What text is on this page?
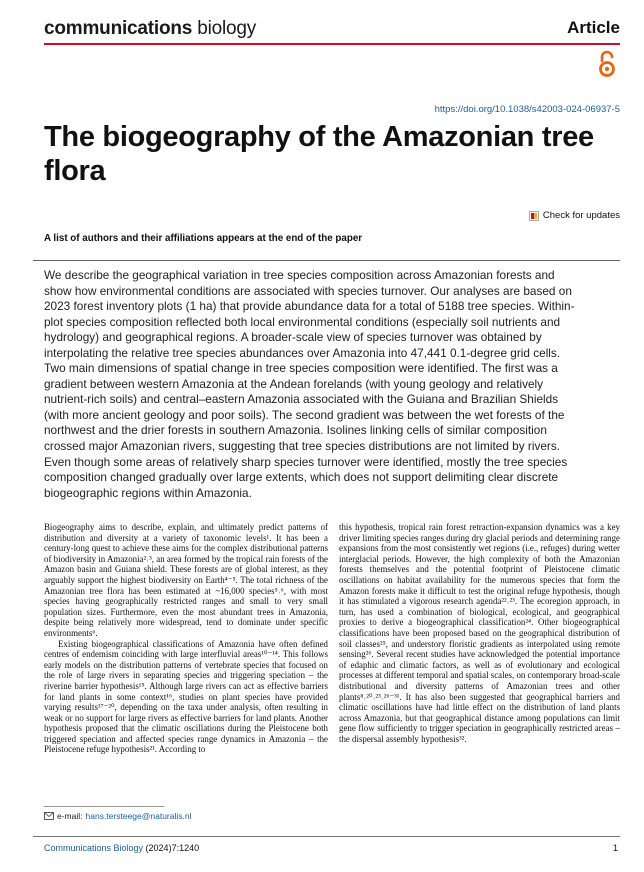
communications biology	Article
https://doi.org/10.1038/s42003-024-06937-5
The biogeography of the Amazonian tree flora
Check for updates
A list of authors and their affiliations appears at the end of the paper

We describe the geographical variation in tree species composition across Amazonian forests and show how environmental conditions are associated with species turnover. Our analyses are based on 2023 forest inventory plots (1 ha) that provide abundance data for a total of 5188 tree species. Within-plot species composition reflected both local environmental conditions (especially soil nutrients and hydrology) and geographical regions. A broader-scale view of species turnover was obtained by interpolating the relative tree species abundances over Amazonia into 47,441 0.1-degree grid cells. Two main dimensions of spatial change in tree species composition were identified. The first was a gradient between western Amazonia at the Andean forelands (with young geology and relatively nutrient-rich soils) and central–eastern Amazonia associated with the Guiana and Brazilian Shields (with more ancient geology and poor soils). The second gradient was between the wet forests of the northwest and the drier forests in southern Amazonia. Isolines linking cells of similar composition crossed major Amazonian rivers, suggesting that tree species distributions are not limited by rivers. Even though some areas of relatively sharp species turnover were identified, mostly the tree species composition changed gradually over large extents, which does not support delimiting clear discrete biogeographic regions within Amazonia.

Biogeography aims to describe, explain, and ultimately predict patterns of distribution and diversity at a variety of taxonomic levels¹. It has been a century-long quest to achieve these aims for the complex distributional patterns of biodiversity in Amazonia²˒³, an area formed by the tropical rain forests of the Amazon basin and Guiana shield. These forests are of global interest, as they arguably support the highest biodiversity on Earth⁴⁻⁵. The total richness of the Amazonian tree flora has been estimated at ~16,000 species⁵˒⁶, with most species having geographically restricted ranges and small to very small population sizes. Furthermore, even the most abundant trees in Amazonia, despite being relatively more widespread, tend to dominate under specific environments⁶.

Existing biogeographical classifications of Amazonia have often defined centres of endemism coinciding with large interfluvial areas¹⁰⁻¹⁴. This follows early models on the distribution patterns of vertebrate species that focused on the role of large rivers in separating species and triggering speciation – the riverine barrier hypothesis¹⁵. Although large rivers can act as effective barriers for land plants in some context¹⁶, studies on plant species have provided varying results¹⁷⁻²⁰, depending on the taxa under analysis, often resulting in weak or no support for large rivers as effective barriers for land plants. Another hypothesis proposed that the climatic oscillations during the Pleistocene both triggered speciation and affected species range dynamics in Amazonia – the Pleistocene refuge hypothesis²¹. According to

this hypothesis, tropical rain forest retraction-expansion dynamics was a key driver limiting species ranges during dry glacial periods and determining range expansions from the most consistently wet regions (i.e., refuges) during wetter interglacial periods. However, the high complexity of both the Amazonian forests themselves and the potential footprint of Pleistocene climatic oscillations on habitat availability for the numerous species that form the Amazon forests make it difficult to test the original refuge hypothesis, though it has stimulated a vigorous research agenda²²˒²³. The ecoregion approach, in turn, has used a combination of biological, ecological, and geographical proxies to derive a biogeographical classification²⁴. Other biogeographical classifications have been proposed based on the geographical distribution of soil classes²⁵, and understory floristic gradients as interpolated using remote sensing²⁶. Several recent studies have acknowledged the potential importance of edaphic and climatic factors, as well as of evolutionary and ecological processes at different temporal and spatial scales, on contemporary broad-scale distributional and diversity patterns of Amazonian trees and other plants⁸˒²⁰˒²³˒²⁶⁻³¹. It has also been suggested that geographical barriers and climatic oscillations have had little effect on the distribution of land plants across Amazonia, but that geographical distance among populations can limit gene flow sufficiently to trigger speciation in geographically restricted areas – the dispersal assembly hypothesis³².

e-mail: hans.tersteege@naturalis.nl
Communications Biology (2024)7:1240	1
